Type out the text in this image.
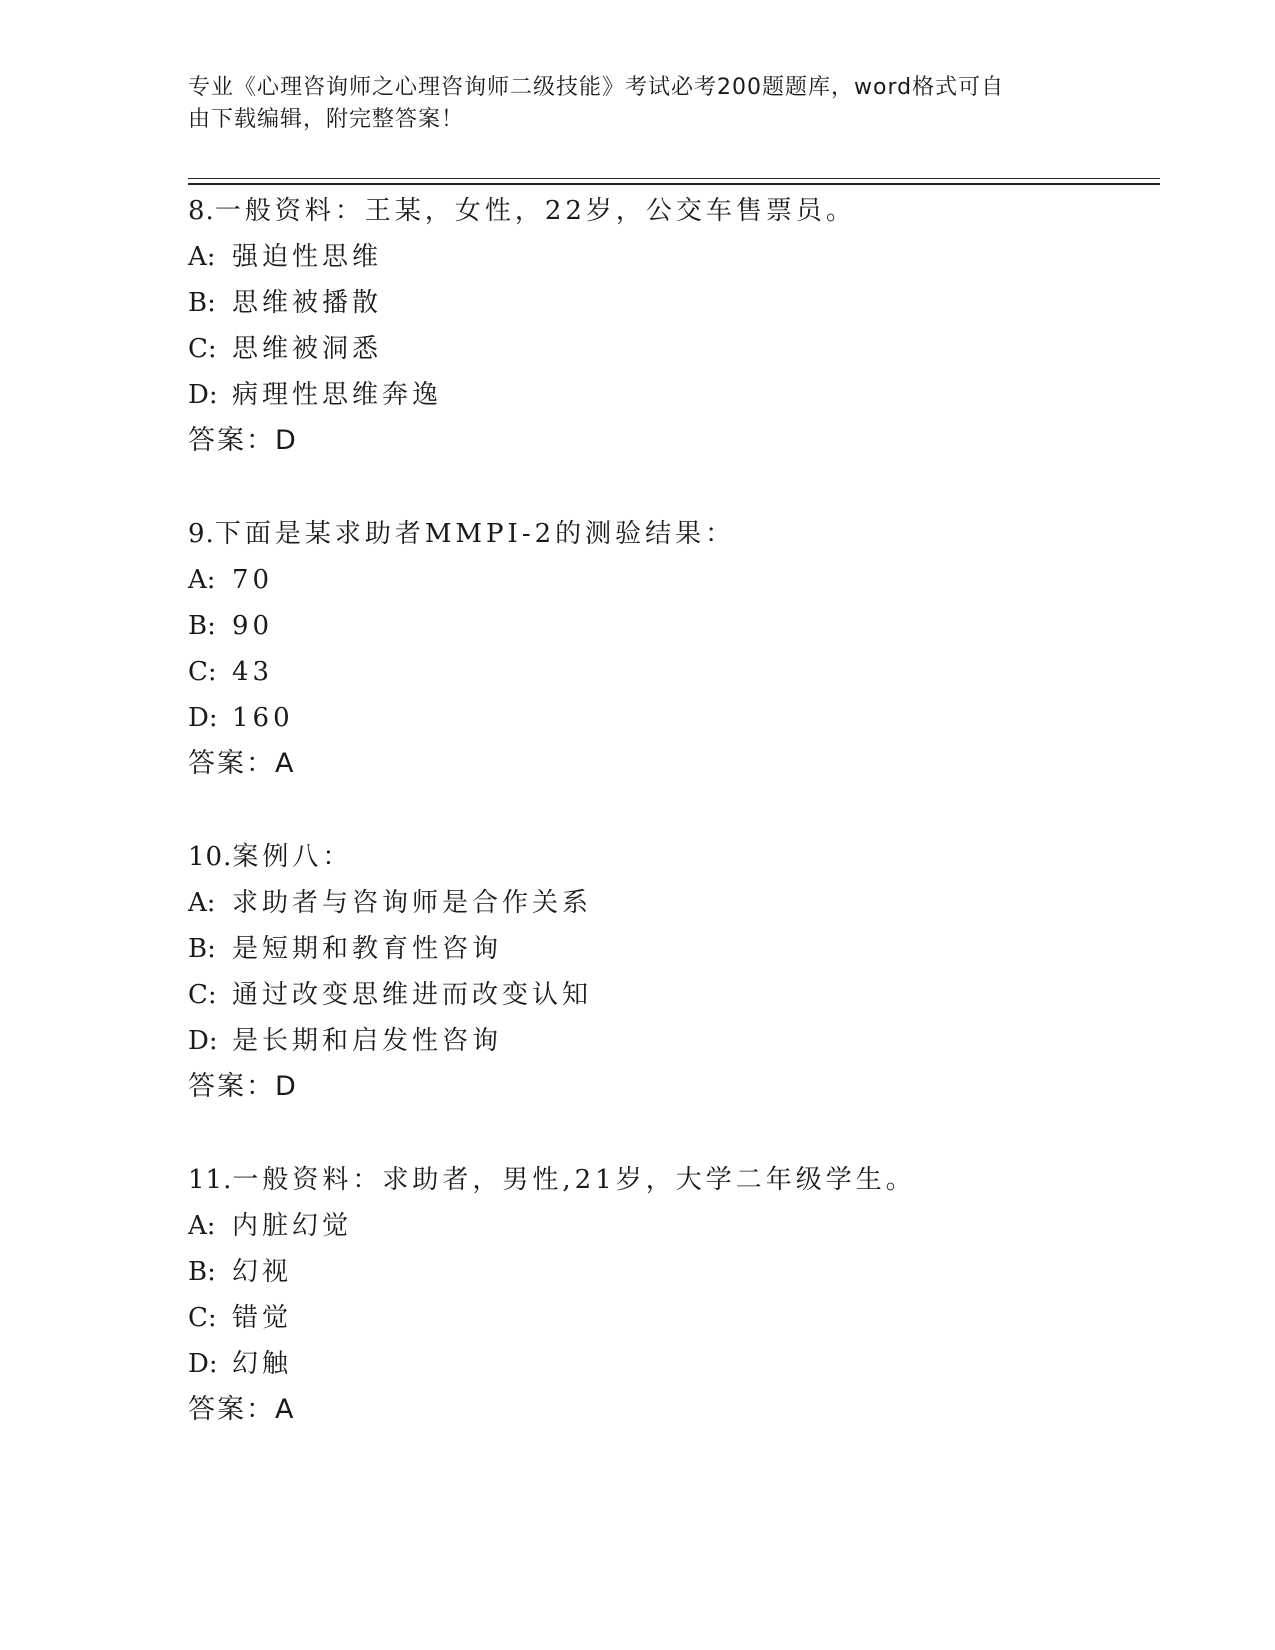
专业《心理咨询师之心理咨询师二级技能》考试必考200题题库，word格式可自

由下载编辑，附完整答案！

8.一般资料：王某，女性，22岁，公交车售票员。
A: 强迫性思维
B: 思维被播散
C: 思维被洞悉
D: 病理性思维奔逸
答案：D
9.下面是某求助者MMPI-2的测验结果：
A: 70
B: 90
C: 43
D: 160
答案：A
10.案例八：
A: 求助者与咨询师是合作关系
B: 是短期和教育性咨询
C: 通过改变思维进而改变认知
D: 是长期和启发性咨询
答案：D
11.一般资料：求助者，男性,21岁，大学二年级学生。
A: 内脏幻觉
B: 幻视
C: 错觉
D: 幻触
答案：A
